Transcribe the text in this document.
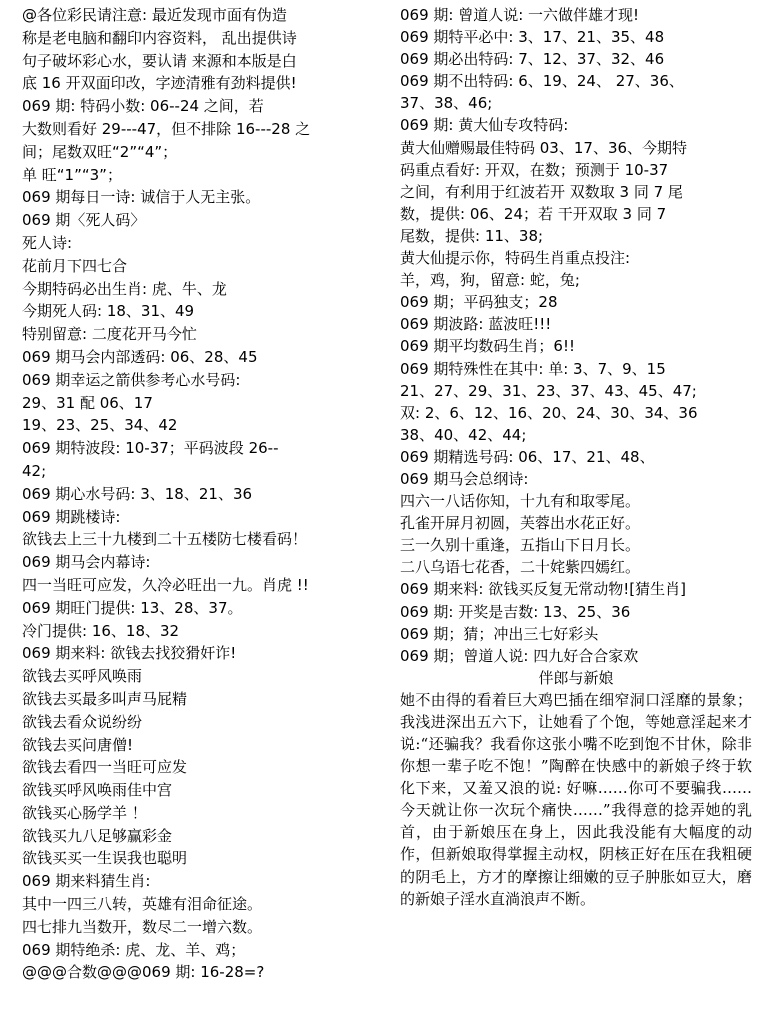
@各位彩民请注意: 最近发现市面有伪造
称是老电脑和翻印内容资料， 乱出提供诗
句子破坏彩心水，要认请 来源和本版是白
底 16 开双面印改，字迹清雅有劲料提供!
069 期: 特码小数: 06--24 之间，若
大数则看好 29---47，但不排除 16---28 之
间；尾数双旺“2”“4”；
单 旺“1”“3”；
069 期每日一诗: 诚信于人无主张。
069 期〈死人码〉
死人诗:
花前月下四七合
今期特码必出生肖: 虎、牛、龙
今期死人码: 18、31、49
特别留意: 二度花开马今忙
069 期马会内部透码: 06、28、45
069 期幸运之箭供参考心水号码:
29、31 配 06、17
19、23、25、34、42
069 期特波段: 10-37；平码波段 26--
42;
069 期心水号码: 3、18、21、36
069 期跳楼诗:
欲钱去上三十九楼到二十五楼防七楼看码！
069 期马会内幕诗:
四一当旺可应发，久冷必旺出一九。肖虎 !!
069 期旺门提供: 13、28、37。
冷门提供: 16、18、32
069 期来料: 欲钱去找狡猾奸诈!
欲钱去买呼风唤雨
欲钱去买最多叫声马屁精
欲钱去看众说纷纷
欲钱去买问唐僧!
欲钱去看四一当旺可应发
欲钱买呼风唤雨佳中宫
欲钱买心肠学羊 ！
欲钱买九八足够赢彩金
欲钱买买一生误我也聪明
069 期来料猜生肖:
其中一四三八转，英雄有泪命征途。
四七排九当数开，数尽二一增六数。
069 期特绝杀: 虎、龙、羊、鸡；
@@@合数@@@069 期: 16-28=?
069 期: 曾道人说: 一六做伴雄才现!
069 期特平必中: 3、17、21、35、48
069 期必出特码: 7、12、37、32、46
069 期不出特码: 6、19、24、 27、36、
37、38、46;
069 期: 黄大仙专攻特码:
黄大仙赠赐最佳特码 03、17、36、今期特
码重点看好: 开双，在数；预测于 10-37
之间，有利用于红波若开 双数取 3 同 7 尾
数，提供: 06、24；若 干开双取 3 同 7
尾数，提供: 11、38;
黄大仙提示你，特码生肖重点投注:
羊，鸡，狗，留意: 蛇，兔;
069 期；平码独支；28
069 期波路: 蓝波旺!!!
069 期平均数码生肖；6!!
069 期特殊性在其中: 单: 3、7、9、15
21、27、29、31、23、37、43、45、47;
双: 2、6、12、16、20、24、30、34、36
38、40、42、44;
069 期精选号码: 06、17、21、48、
069 期马会总纲诗:
四六一八话你知，十九有和取零尾。
孔雀开屏月初圆，芙蓉出水花正好。
三一久别十重逢，五指山下日月长。
二八乌语七花香，二十姹紫四嫣红。
069 期来料: 欲钱买反复无常动物![猜生肖]
069 期: 开奖是吉数: 13、25、36
069 期；猜；冲出三七好彩头
069 期；曾道人说: 四九好合合家欢
伴郎与新娘
她不由得的看着巨大鸡巴插在细窄洞口淫靡的景象；我浅进深出五六下，让她看了个饱，等她意淫起来才说:“还骗我？我看你这张小嘴不吃到饱不甘休，除非你想一辈子吃不饱！”陶醉在快感中的新娘子终于软化下来，又羞又浪的说: 好嘛……你可不要骗我……今天就让你一次玩个痛快……”我得意的捻弄她的乳首，由于新娘压在身上，因此我没能有大幅度的动作，但新娘取得掌握主动权，阴核正好在压在我粗硬的阴毛上，方才的摩擦让细嫩的豆子肿胀如豆大，磨的新娘子淫水直淌浪声不断。
